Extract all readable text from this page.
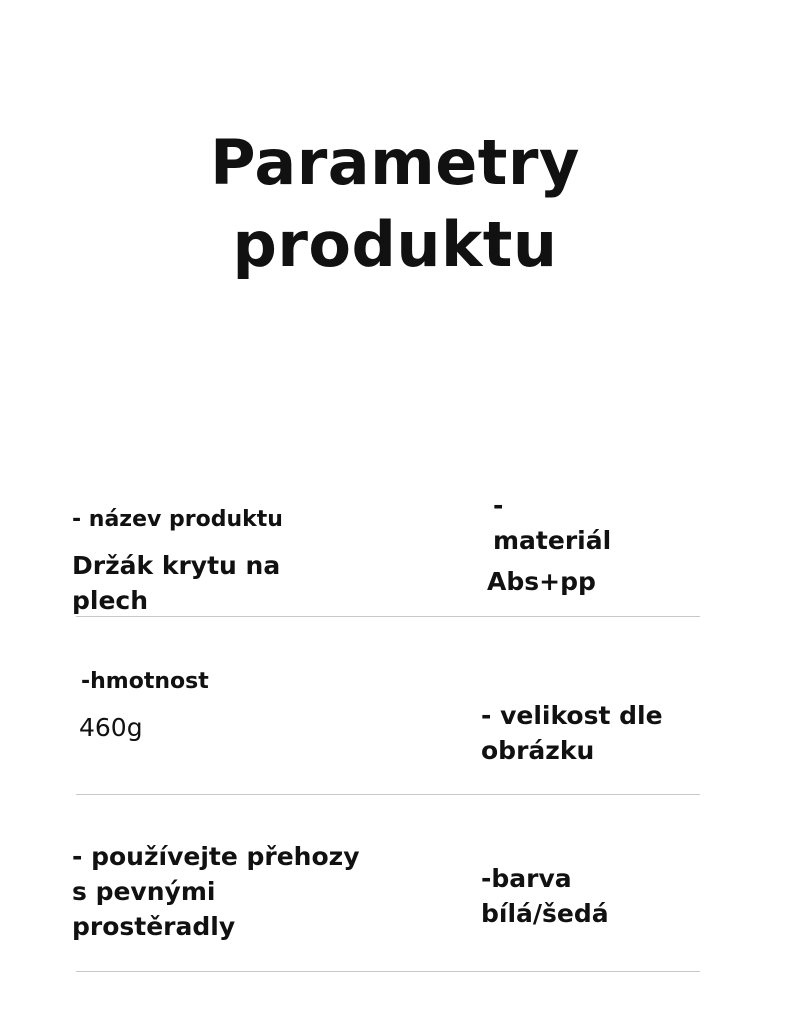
Parametry
produktu
- název produktu
Držák krytu na
plech
-
materiál
Abs+pp
-hmotnost
460g	- velikost dle
obrázku
- používejte přehozy
s pevnými
prostěradly
-barva
bílá/šedá
